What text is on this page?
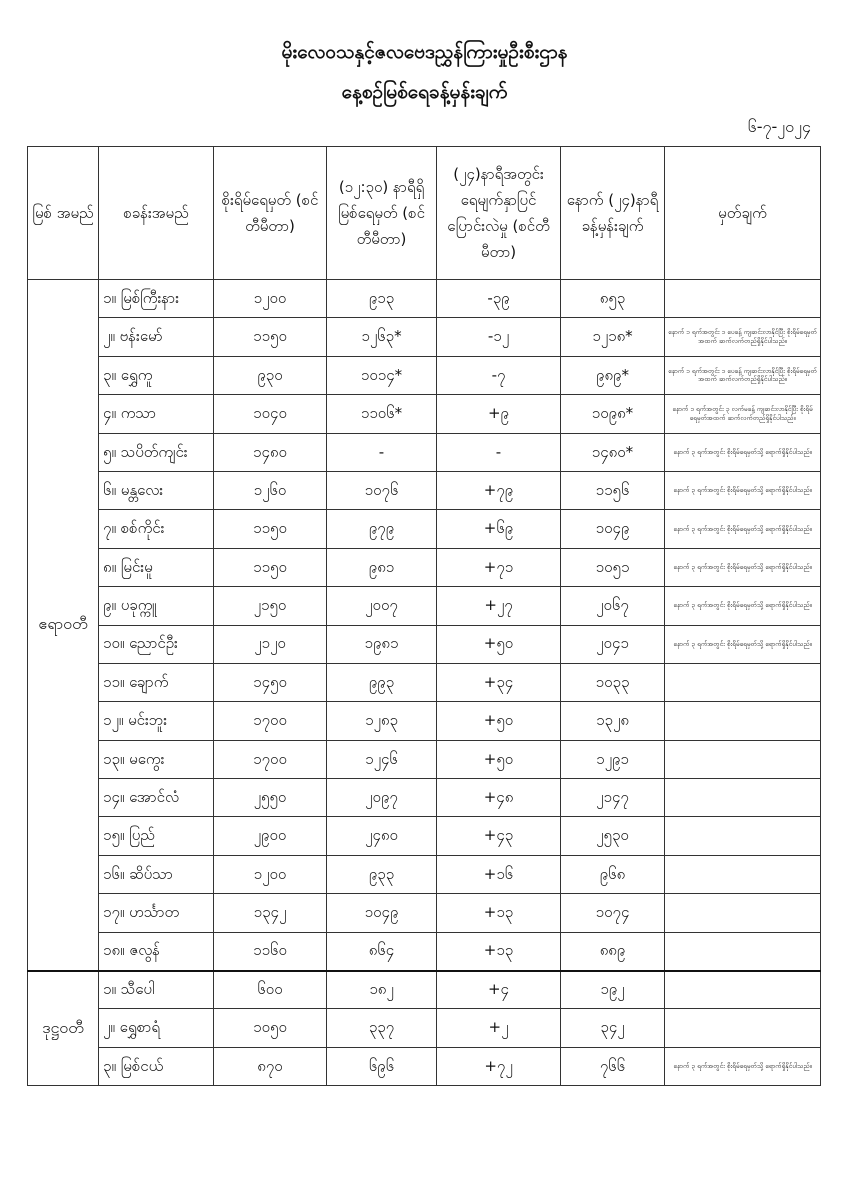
မိုးလေဝသနှင့်ဇလဗေဒညွှန်ကြားမှုဦးစီးဌာန
နေ့စဉ်မြစ်ရေခန့်မှန်းချက်
၆-၇-၂၀၂၄
မြစ် အမည်	စခန်းအမည်	စိုးရိမ်ရေမှတ် (စင်တီမီတာ)	(၁၂:၃၀) နာရီရှိ မြစ်ရေမှတ် (စင်တီမီတာ)	(၂၄)နာရီအတွင်း ရေမျက်နှာပြင် ပြောင်းလဲမှု (စင်တီမီတာ)	နောက် (၂၄)နာရီ ခန့်မှန်းချက်	မှတ်ချက်
ဧရာဝတီ	၁။ မြစ်ကြီးနား	၁၂၀၀	၉၁၃	-၃၉	၈၅၃	
	၂။ ဗန်းမော်	၁၁၅၀	၁၂၆၃*	-၁၂	၁၂၁၈*	နောက် ၁ ရက်အတွင်း ၁ ပေခန့် ကျဆင်းလာနိုင်ပြီး စိုးရိမ်ရေမှတ်အထက် ဆက်လက်တည်ရှိနိုင်ပါသည်။
	၃။ ရွှေကူ	၉၃၀	၁၀၁၄*	-၇	၉၈၉*	နောက် ၁ ရက်အတွင်း ၁ ပေခန့် ကျဆင်းလာနိုင်ပြီး စိုးရိမ်ရေမှတ်အထက် ဆက်လက်တည်ရှိနိုင်ပါသည်။
	၄။ ကသာ	၁၀၄၀	၁၁၀၆*	+၉	၁၀၉၈*	နောက် ၁ ရက်အတွင်း ၃ လက်မခန့် ကျဆင်းလာနိုင်ပြီး စိုးရိမ်ရေမှတ်အထက် ဆက်လက်တည်ရှိနိုင်ပါသည်။
	၅။ သပိတ်ကျင်း	၁၄၈၀	-	-	၁၄၈၀*	နောက် ၃ ရက်အတွင်း စိုးရိမ်ရေမှတ်သို့ ရောက်ရှိနိုင်ပါသည်။
	၆။ မန္တလေး	၁၂၆၀	၁၀၇၆	+၇၉	၁၁၅၆	နောက် ၃ ရက်အတွင်း စိုးရိမ်ရေမှတ်သို့ ရောက်ရှိနိုင်ပါသည်။
	၇။ စစ်ကိုင်း	၁၁၅၀	၉၇၉	+၆၉	၁၀၄၉	နောက် ၃ ရက်အတွင်း စိုးရိမ်ရေမှတ်သို့ ရောက်ရှိနိုင်ပါသည်။
	၈။ မြင်းမူ	၁၁၅၀	၉၈၁	+၇၁	၁၀၅၁	နောက် ၃ ရက်အတွင်း စိုးရိမ်ရေမှတ်သို့ ရောက်ရှိနိုင်ပါသည်။
	၉။ ပခုက္ကူ	၂၁၅၀	၂၀၀၇	+၂၇	၂၀၆၇	နောက် ၃ ရက်အတွင်း စိုးရိမ်ရေမှတ်သို့ ရောက်ရှိနိုင်ပါသည်။
	၁၀။ ညောင်ဦး	၂၁၂၀	၁၉၈၁	+၅၀	၂၀၄၁	နောက် ၃ ရက်အတွင်း စိုးရိမ်ရေမှတ်သို့ ရောက်ရှိနိုင်ပါသည်။
	၁၁။ ချောက်	၁၄၅၀	၉၉၃	+၃၄	၁၀၃၃	
	၁၂။ မင်းဘူး	၁၇၀၀	၁၂၈၃	+၅၀	၁၃၂၈	
	၁၃။ မကွေး	၁၇၀၀	၁၂၄၆	+၅၀	၁၂၉၁	
	၁၄။ အောင်လံ	၂၅၅၀	၂၀၉၇	+၄၈	၂၁၄၇	
	၁၅။ ပြည်	၂၉၀၀	၂၄၈၀	+၄၃	၂၅၃၀	
	၁၆။ ဆိပ်သာ	၁၂၀၀	၉၃၃	+၁၆	၉၆၈	
	၁၇။ ဟင်္သာတ	၁၃၄၂	၁၀၄၉	+၁၃	၁၀၇၄	
	၁၈။ ဇလွန်	၁၁၆၀	၈၆၄	+၁၃	၈၈၉	
ဒုဋ္ဌဝတီ	၁။ သီပေါ	၆၀၀	၁၈၂	+၄	၁၉၂	
	၂။ ရွှေစာရံ	၁၀၅၀	၃၃၇	+၂	၃၄၂	
	၃။ မြစ်ငယ်	၈၇၀	၆၉၆	+၇၂	၇၆၆	နောက် ၃ ရက်အတွင်း စိုးရိမ်ရေမှတ်သို့ ရောက်ရှိနိုင်ပါသည်။
